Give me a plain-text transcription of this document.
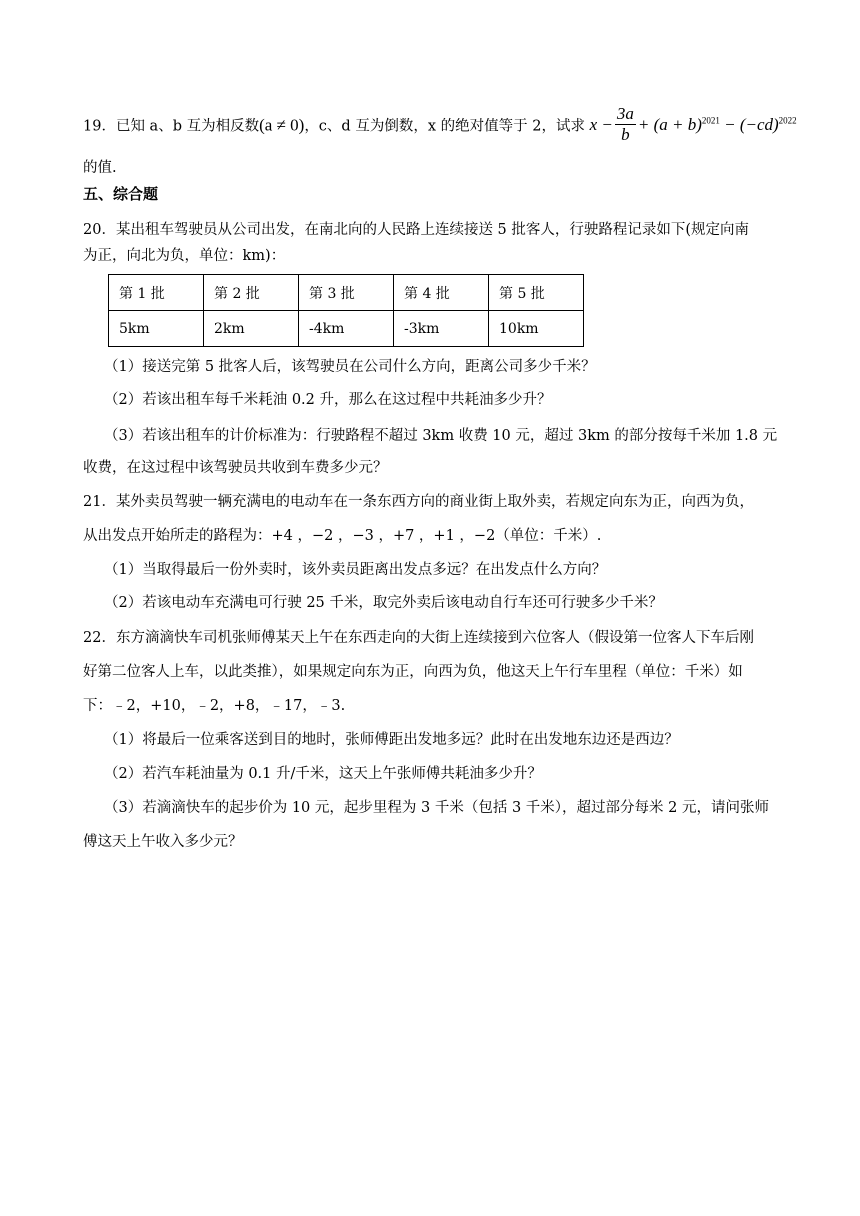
19．已知 a、b 互为相反数(a ≠ 0)，c、d 互为倒数，x 的绝对值等于 2，试求 $x - \frac{3a}{b} + (a + b)^{2021} - (-cd)^{2022}$
的值.
五、综合题
20．某出租车驾驶员从公司出发，在南北向的人民路上连续接送 5 批客人，行驶路程记录如下(规定向南
为正，向北为负，单位：km)：
第 1 批	第 2 批	第 3 批	第 4 批	第 5 批
5km	2km	-4km	-3km	10km
（1）接送完第 5 批客人后，该驾驶员在公司什么方向，距离公司多少千米？
（2）若该出租车每千米耗油 0.2 升，那么在这过程中共耗油多少升？
（3）若该出租车的计价标准为：行驶路程不超过 3km 收费 10 元，超过 3km 的部分按每千米加 1.8 元
收费，在这过程中该驾驶员共收到车费多少元？
21．某外卖员驾驶一辆充满电的电动车在一条东西方向的商业街上取外卖，若规定向东为正，向西为负，
从出发点开始所走的路程为：+4 ，−2 ，−3 ，+7 ，+1 ，−2（单位：千米）.
（1）当取得最后一份外卖时，该外卖员距离出发点多远？在出发点什么方向？
（2）若该电动车充满电可行驶 25 千米，取完外卖后该电动自行车还可行驶多少千米？
22．东方滴滴快车司机张师傅某天上午在东西走向的大街上连续接到六位客人（假设第一位客人下车后刚
好第二位客人上车，以此类推），如果规定向东为正，向西为负，他这天上午行车里程（单位：千米）如
下：﹣2，+10，﹣2，+8，﹣17，﹣3.
（1）将最后一位乘客送到目的地时，张师傅距出发地多远？此时在出发地东边还是西边？
（2）若汽车耗油量为 0.1 升/千米，这天上午张师傅共耗油多少升？
（3）若滴滴快车的起步价为 10 元，起步里程为 3 千米（包括 3 千米），超过部分每米 2 元，请问张师
傅这天上午收入多少元？
